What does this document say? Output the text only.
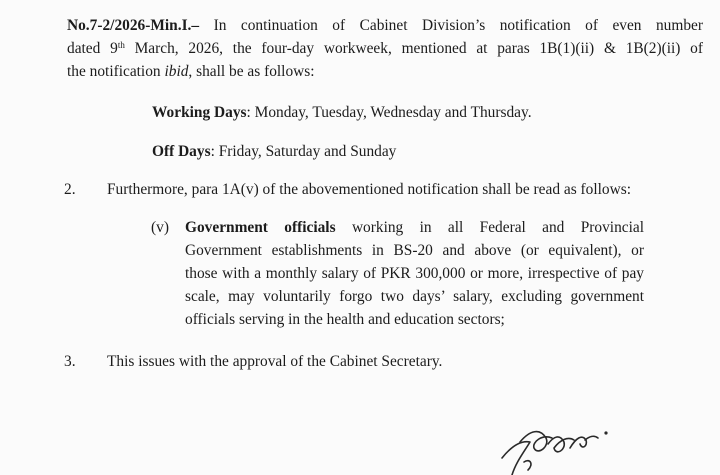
No.7-2/2026-Min.I.– In continuation of Cabinet Division’s notification of even number
dated 9th March, 2026, the four-day workweek, mentioned at paras 1B(1)(ii) & 1B(2)(ii) of
the notification ibid, shall be as follows:
Working Days: Monday, Tuesday, Wednesday and Thursday.
Off Days: Friday, Saturday and Sunday
2. Furthermore, para 1A(v) of the abovementioned notification shall be read as follows:
(v) Government officials working in all Federal and Provincial
Government establishments in BS-20 and above (or equivalent), or
those with a monthly salary of PKR 300,000 or more, irrespective of pay
scale, may voluntarily forgo two days’ salary, excluding government
officials serving in the health and education sectors;
3. This issues with the approval of the Cabinet Secretary.
